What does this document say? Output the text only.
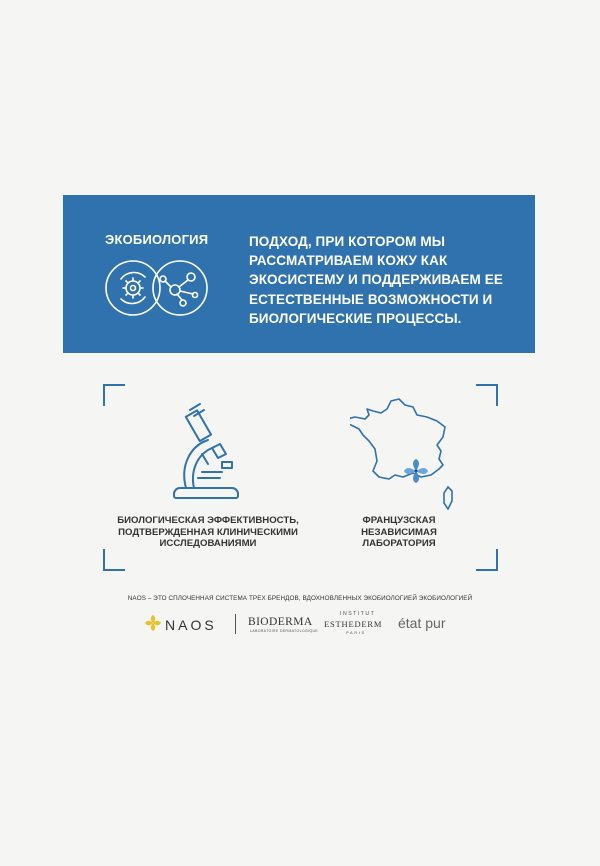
ЭКОБИОЛОГИЯ	ПОДХОД, ПРИ КОТОРОМ МЫ РАССМАТРИВАЕМ КОЖУ КАК ЭКОСИСТЕМУ И ПОДДЕРЖИВАЕМ ЕЕ ЕСТЕСТВЕННЫЕ ВОЗМОЖНОСТИ И БИОЛОГИЧЕСКИЕ ПРОЦЕССЫ.
БИОЛОГИЧЕСКАЯ ЭФФЕКТИВНОСТЬ, ПОДТВЕРЖДЕННАЯ КЛИНИЧЕСКИМИ ИССЛЕДОВАНИЯМИ
ФРАНЦУЗСКАЯ НЕЗАВИСИМАЯ ЛАБОРАТОРИЯ
NAOS – ЭТО СПЛОЧЕННАЯ СИСТЕМА ТРЕХ БРЕНДОВ, ВДОХНОВЛЕННЫХ ЭКОБИОЛОГИЕЙ ЭКОБИОЛОГИЕЙ
NAOS	BIODERMA
LABORATOIRE DERMATOLOGIQUE
INSTITUT
ESTHEDERM
PARIS
état pur
